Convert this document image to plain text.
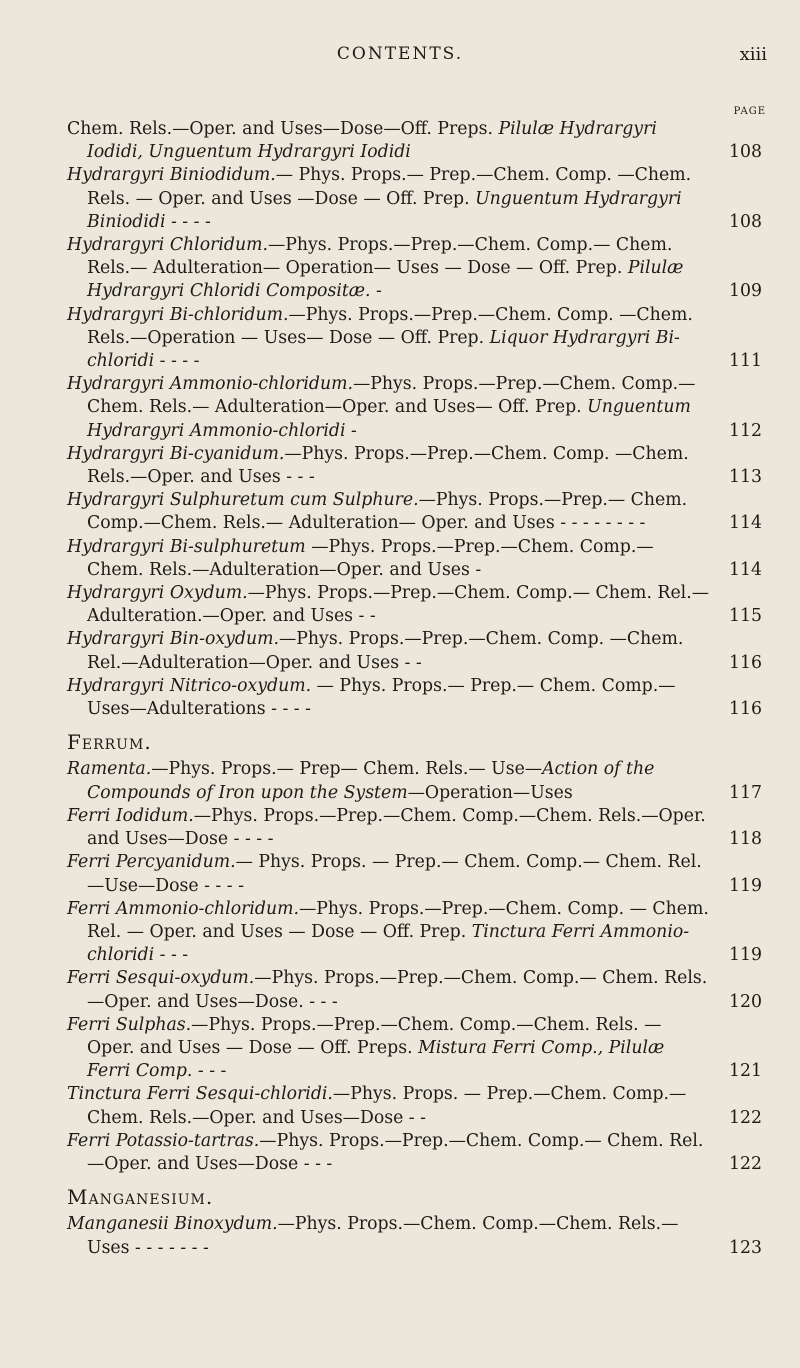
CONTENTS.	xiii
PAGE
Chem. Rels.—Oper. and Uses—Dose—Off. Preps. Pilulæ Hydrargyri Iodidi, Unguentum Hydrargyri Iodidi	108
Hydrargyri Biniodidum.— Phys. Props.— Prep.—Chem. Comp. —Chem. Rels. — Oper. and Uses —Dose — Off. Prep. Unguentum Hydrargyri Biniodidi - - - -	108
Hydrargyri Chloridum.—Phys. Props.—Prep.—Chem. Comp.— Chem. Rels.— Adulteration— Operation— Uses — Dose — Off. Prep. Pilulæ Hydrargyri Chloridi Compositæ. -	109
Hydrargyri Bi-chloridum.—Phys. Props.—Prep.—Chem. Comp. —Chem. Rels.—Operation — Uses— Dose — Off. Prep. Liquor Hydrargyri Bi-chloridi - - - -	111
Hydrargyri Ammonio-chloridum.—Phys. Props.—Prep.—Chem. Comp.—Chem. Rels.— Adulteration—Oper. and Uses— Off. Prep. Unguentum Hydrargyri Ammonio-chloridi -	112
Hydrargyri Bi-cyanidum.—Phys. Props.—Prep.—Chem. Comp. —Chem. Rels.—Oper. and Uses - - -	113
Hydrargyri Sulphuretum cum Sulphure.—Phys. Props.—Prep.— Chem. Comp.—Chem. Rels.— Adulteration— Oper. and Uses - - - - - - - -	114
Hydrargyri Bi-sulphuretum —Phys. Props.—Prep.—Chem. Comp.— Chem. Rels.—Adulteration—Oper. and Uses -	114
Hydrargyri Oxydum.—Phys. Props.—Prep.—Chem. Comp.— Chem. Rel.—Adulteration.—Oper. and Uses - -	115
Hydrargyri Bin-oxydum.—Phys. Props.—Prep.—Chem. Comp. —Chem. Rel.—Adulteration—Oper. and Uses - -	116
Hydrargyri Nitrico-oxydum. — Phys. Props.— Prep.— Chem. Comp.—Uses—Adulterations - - - -	116
Ferrum.
Ramenta.—Phys. Props.— Prep— Chem. Rels.— Use—Action of the Compounds of Iron upon the System—Operation—Uses	117
Ferri Iodidum.—Phys. Props.—Prep.—Chem. Comp.—Chem. Rels.—Oper. and Uses—Dose - - - -	118
Ferri Percyanidum.— Phys. Props. — Prep.— Chem. Comp.— Chem. Rel.—Use—Dose - - - -	119
Ferri Ammonio-chloridum.—Phys. Props.—Prep.—Chem. Comp. — Chem. Rel. — Oper. and Uses — Dose — Off. Prep. Tinctura Ferri Ammonio-chloridi - - -	119
Ferri Sesqui-oxydum.—Phys. Props.—Prep.—Chem. Comp.— Chem. Rels.—Oper. and Uses—Dose. - - -	120
Ferri Sulphas.—Phys. Props.—Prep.—Chem. Comp.—Chem. Rels. — Oper. and Uses — Dose — Off. Preps. Mistura Ferri Comp., Pilulæ Ferri Comp. - - -	121
Tinctura Ferri Sesqui-chloridi.—Phys. Props. — Prep.—Chem. Comp.—Chem. Rels.—Oper. and Uses—Dose - -	122
Ferri Potassio-tartras.—Phys. Props.—Prep.—Chem. Comp.— Chem. Rel.—Oper. and Uses—Dose - - -	122
Manganesium.
Manganesii Binoxydum.—Phys. Props.—Chem. Comp.—Chem. Rels.—Uses - - - - - - -	123
